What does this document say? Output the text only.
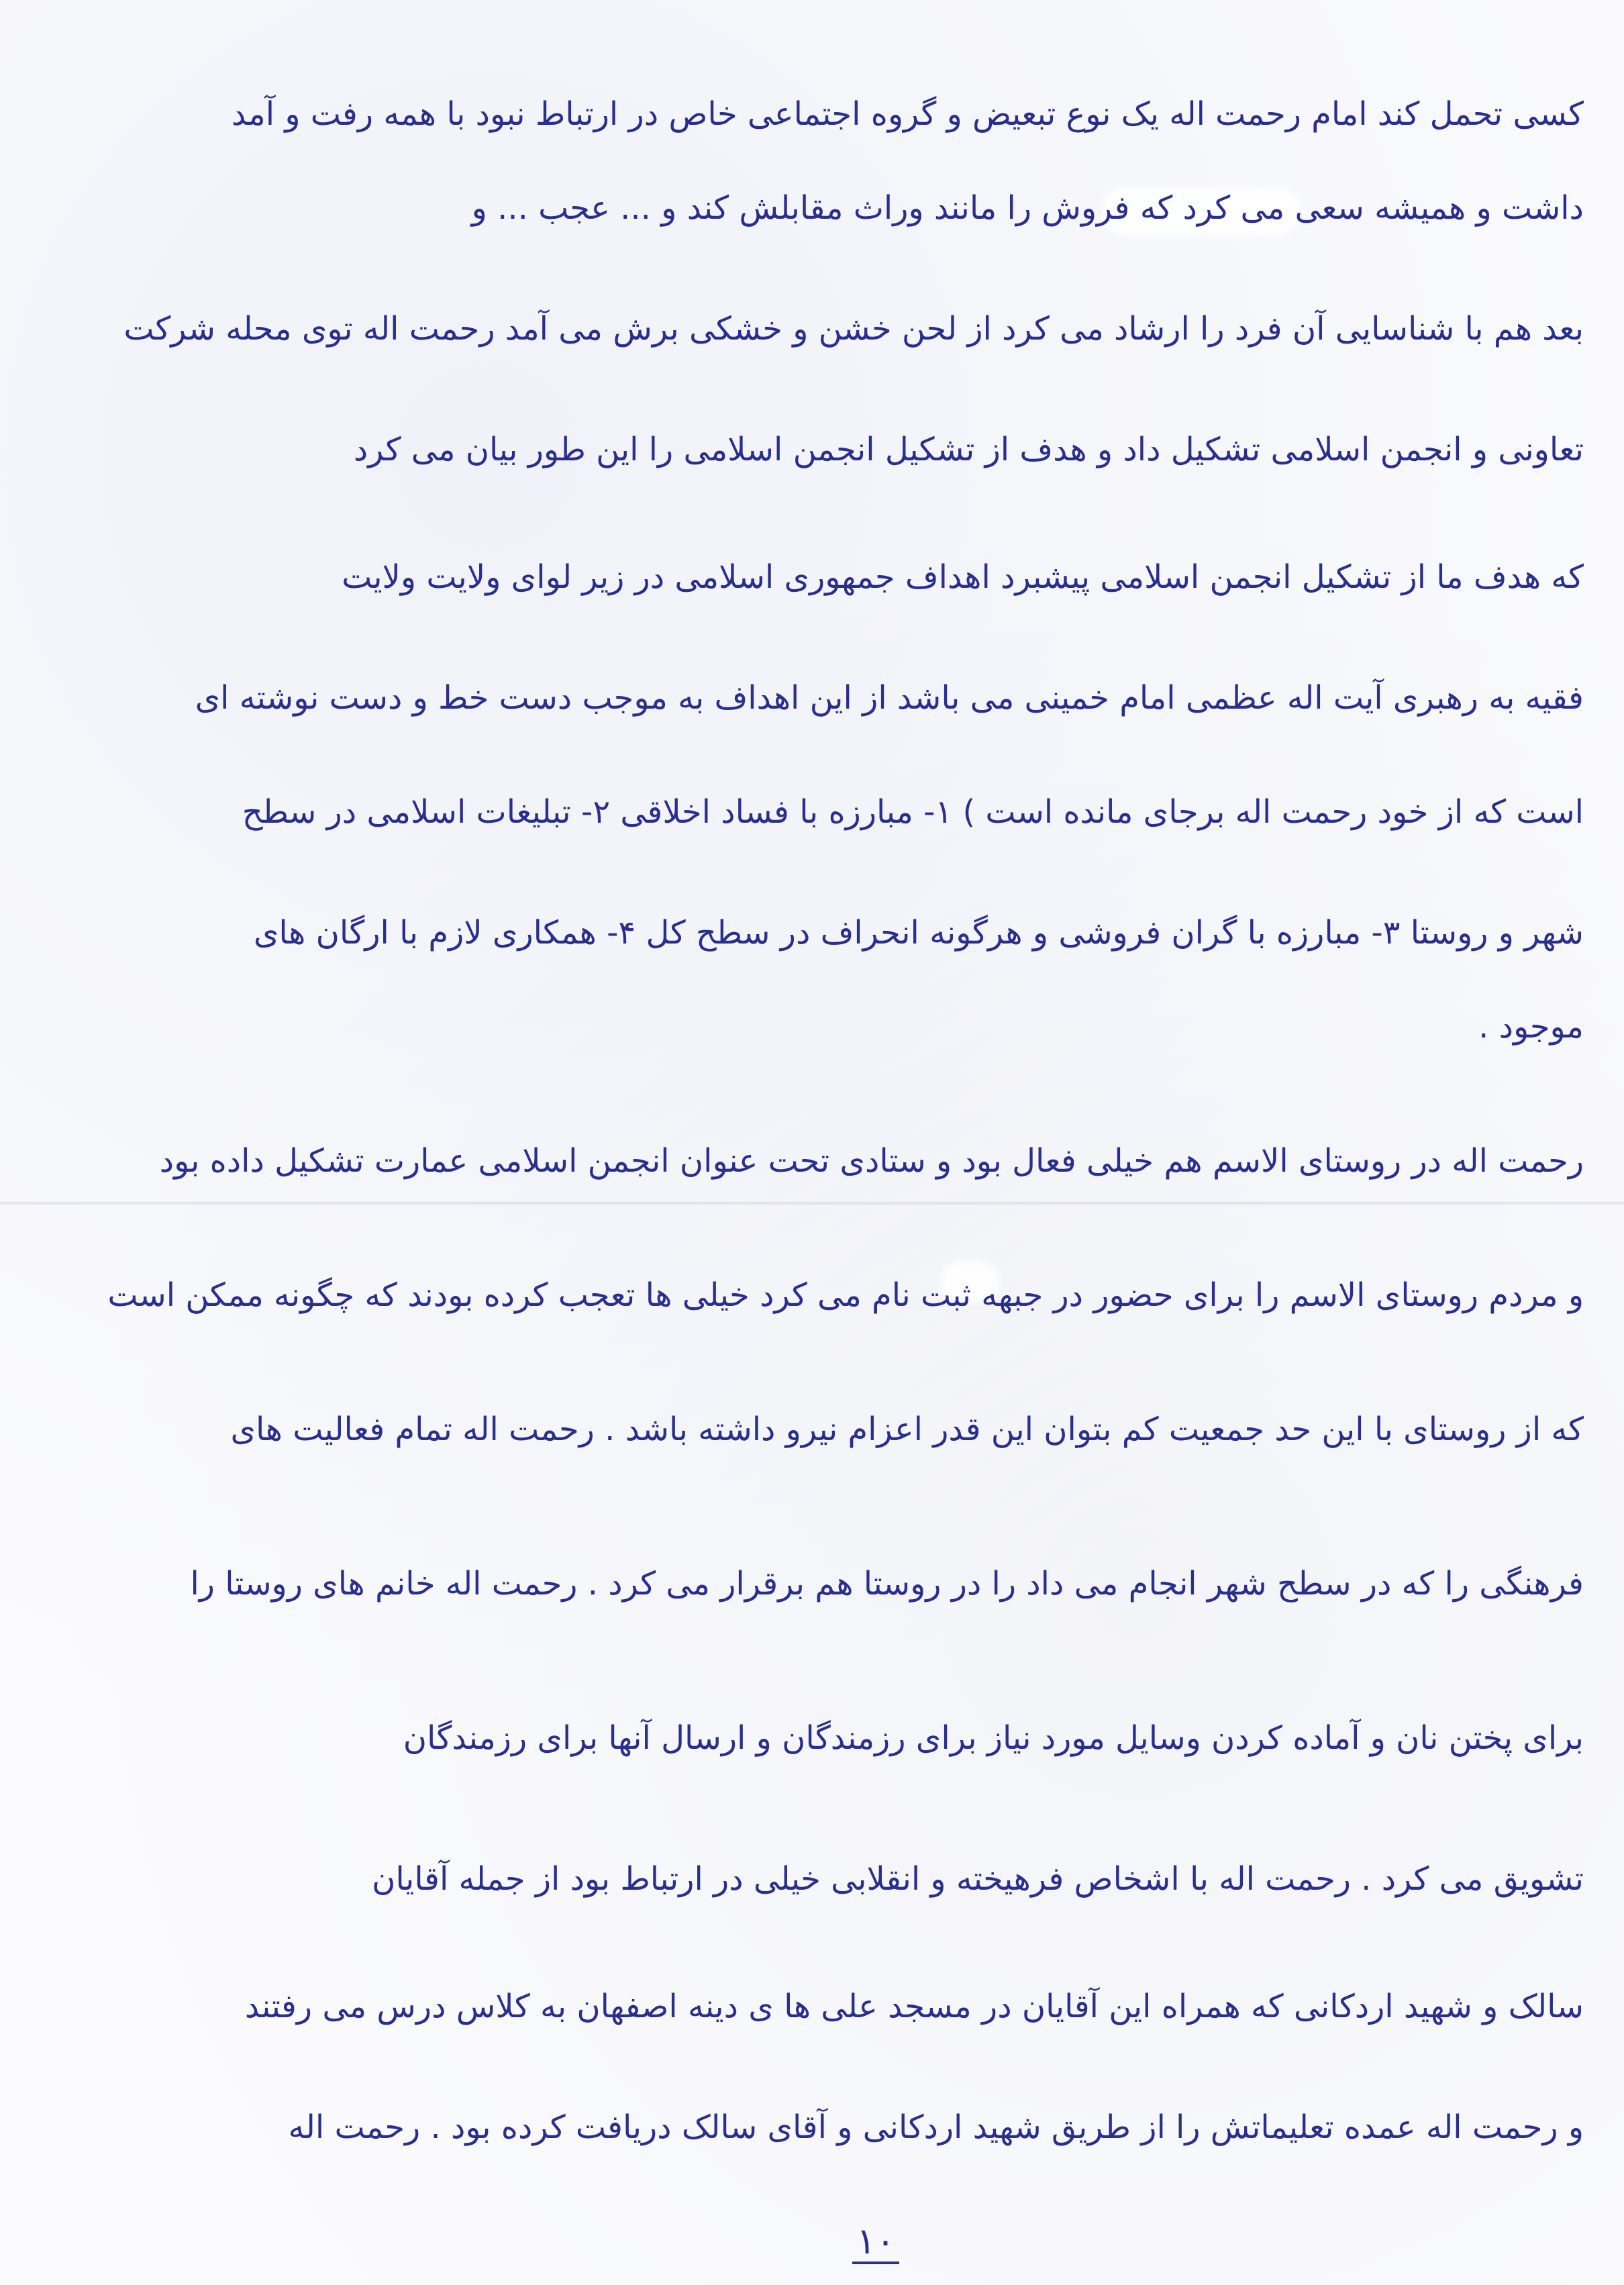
کسی تحمل کند امام رحمت اله یک نوع تبعیض و گروه اجتماعی خاص در ارتباط نبود با همه رفت و آمد
داشت و همیشه سعی می کرد که فروش را مانند وراث مقابلش کند و ... عجب ... و
بعد هم با شناسایی آن فرد را ارشاد می کرد از لحن خشن و خشکی برش می آمد رحمت اله توی محله شرکت
تعاونی و انجمن اسلامی تشکیل داد و هدف از تشکیل انجمن اسلامی را این طور بیان می کرد
که هدف ما از تشکیل انجمن اسلامی پیشبرد اهداف جمهوری اسلامی در زیر لوای ولایت ولایت
فقیه به رهبری آیت اله عظمی امام خمینی می باشد از این اهداف به موجب دست خط و دست نوشته ای
است که از خود رحمت اله برجای مانده است ) ۱- مبارزه با فساد اخلاقی ۲- تبلیغات اسلامی در سطح
شهر و روستا ۳- مبارزه با گران فروشی و هرگونه انحراف در سطح کل ۴- همکاری لازم با ارگان های
موجود .
رحمت اله در روستای الاسم هم خیلی فعال بود و ستادی تحت عنوان انجمن اسلامی عمارت تشکیل داده بود
و مردم روستای الاسم را برای حضور در جبهه ثبت نام می کرد خیلی ها تعجب کرده بودند که چگونه ممکن است
که از روستای با این حد جمعیت کم بتوان این قدر اعزام نیرو داشته باشد . رحمت اله تمام فعالیت های
فرهنگی را که در سطح شهر انجام می داد را در روستا هم برقرار می کرد . رحمت اله خانم های روستا را
برای پختن نان و آماده کردن وسایل مورد نیاز برای رزمندگان و ارسال آنها برای رزمندگان
تشویق می کرد . رحمت اله با اشخاص فرهیخته و انقلابی خیلی در ارتباط بود از جمله آقایان
سالک و شهید اردکانی که همراه این آقایان در مسجد علی ها ی دینه اصفهان به کلاس درس می رفتند
و رحمت اله عمده تعلیماتش را از طریق شهید اردکانی و آقای سالک دریافت کرده بود . رحمت اله
۱۰
